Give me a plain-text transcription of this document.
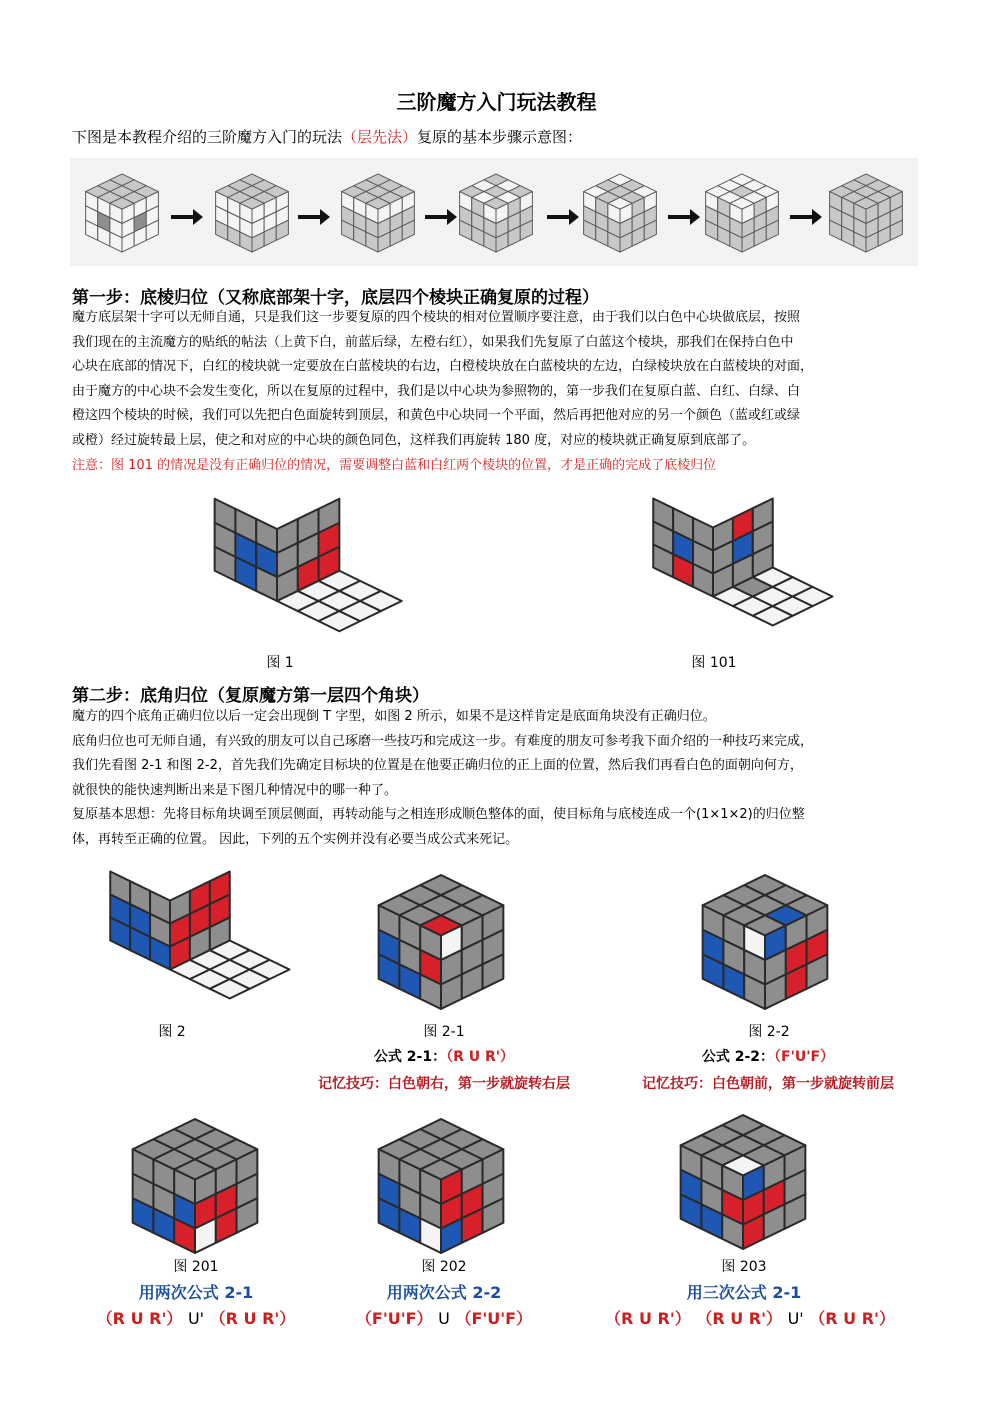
三阶魔方入门玩法教程
下图是本教程介绍的三阶魔方入门的玩法（层先法）复原的基本步骤示意图：
第一步：底棱归位（又称底部架十字，底层四个棱块正确复原的过程）

魔方底层架十字可以无师自通，只是我们这一步要复原的四个棱块的相对位置顺序要注意，由于我们以白色中心块做底层，按照

我们现在的主流魔方的贴纸的帖法（上黄下白，前蓝后绿，左橙右红），如果我们先复原了白蓝这个棱块，那我们在保持白色中

心块在底部的情况下，白红的棱块就一定要放在白蓝棱块的右边，白橙棱块放在白蓝棱块的左边，白绿棱块放在白蓝棱块的对面，

由于魔方的中心块不会发生变化，所以在复原的过程中，我们是以中心块为参照物的，第一步我们在复原白蓝、白红、白绿、白

橙这四个棱块的时候，我们可以先把白色面旋转到顶层，和黄色中心块同一个平面，然后再把他对应的另一个颜色（蓝或红或绿

或橙）经过旋转最上层，使之和对应的中心块的颜色同色，这样我们再旋转 180 度，对应的棱块就正确复原到底部了。

注意：图 101 的情况是没有正确归位的情况，需要调整白蓝和白红两个棱块的位置，才是正确的完成了底棱归位

图 1	图 101
第二步：底角归位（复原魔方第一层四个角块）

魔方的四个底角正确归位以后一定会出现倒 T 字型，如图 2 所示，如果不是这样肯定是底面角块没有正确归位。

底角归位也可无师自通，有兴致的朋友可以自己琢磨一些技巧和完成这一步。有难度的朋友可参考我下面介绍的一种技巧来完成，

我们先看图 2-1 和图 2-2，首先我们先确定目标块的位置是在他要正确归位的正上面的位置，然后我们再看白色的面朝向何方，

就很快的能快速判断出来是下图几种情况中的哪一种了。

复原基本思想：先将目标角块调至顶层侧面，再转动能与之相连形成顺色整体的面，使目标角与底棱连成一个(1×1×2)的归位整

体，再转至正确的位置。 因此，下列的五个实例并没有必要当成公式来死记。

图 2	图 2-1	图 2-2
公式 2-1：（R U R'）
记忆技巧：白色朝右，第一步就旋转右层
公式 2-2：（F'U'F）
记忆技巧：白色朝前，第一步就旋转前层
图 201	图 202	图 203
用两次公式 2-1	用两次公式 2-2	用三次公式 2-1
（R U R'） U' （R U R'）	（F'U'F） U （F'U'F）	（R U R'） （R U R'） U' （R U R'）
